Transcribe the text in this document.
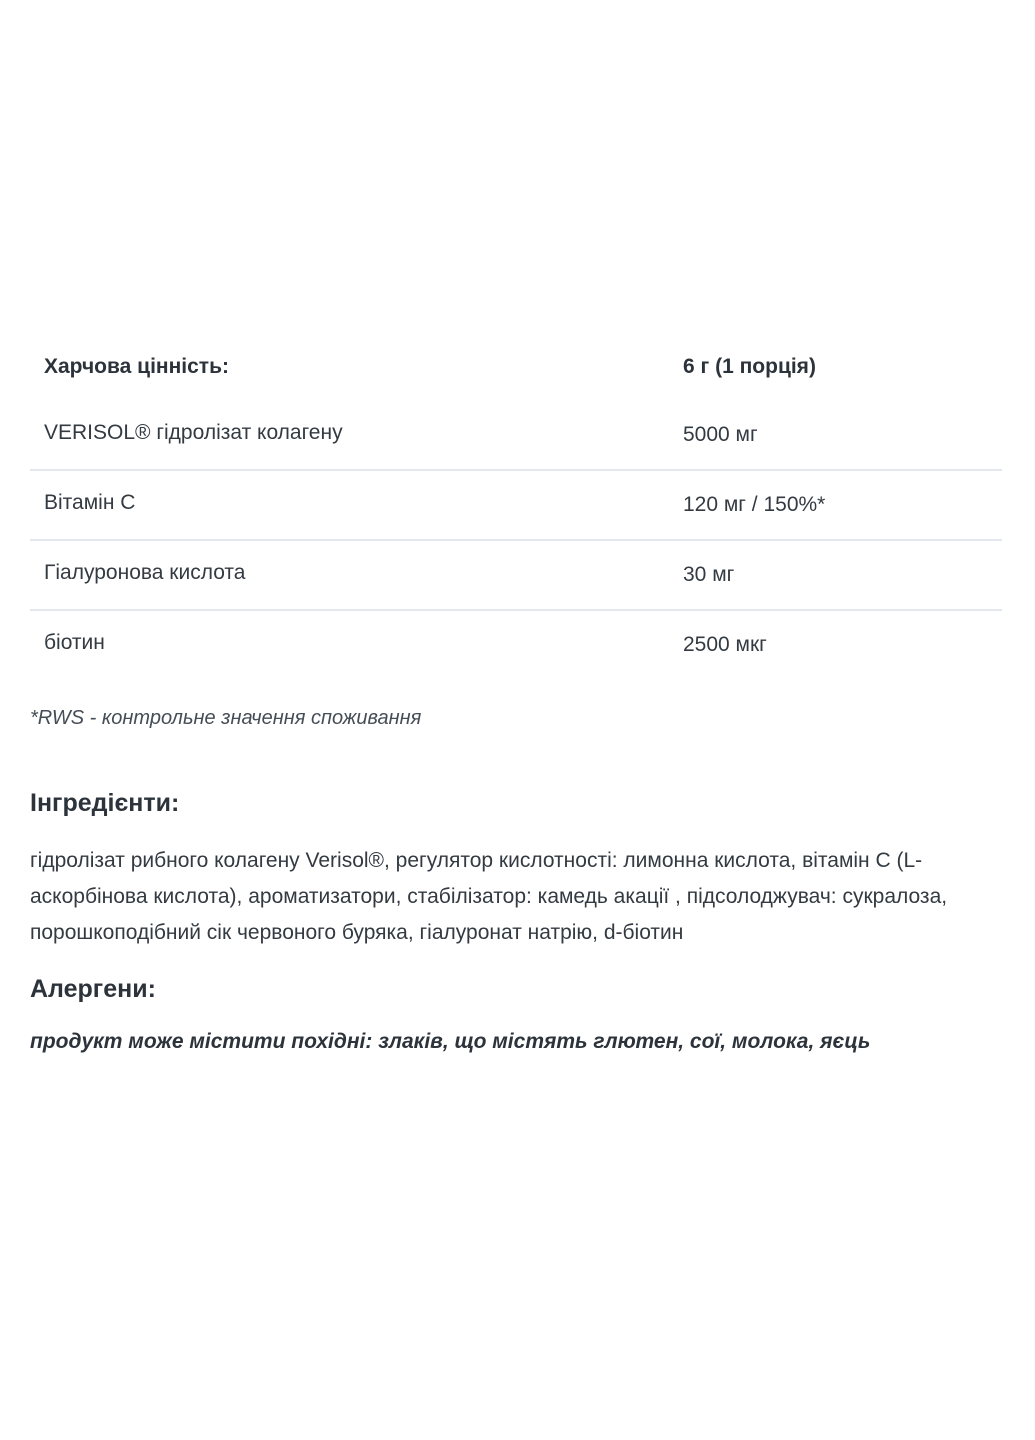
Харчова цінність:	6 г (1 порція)
VERISOL® гідролізат колагену	5000 мг
Вітамін С	120 мг / 150%*
Гіалуронова кислота	30 мг
біотин	2500 мкг

*RWS - контрольне значення споживання

Інгредієнти:

гідролізат рибного колагену Verisol®, регулятор кислотності: лимонна кислота, вітамін С (L-аскорбінова кислота), ароматизатори, стабілізатор: камедь акації , підсолоджувач: сукралоза, порошкоподібний сік червоного буряка, гіалуронат натрію, d-біотин

Алергени:

продукт може містити похідні: злаків, що містять глютен, сої, молока, яєць
